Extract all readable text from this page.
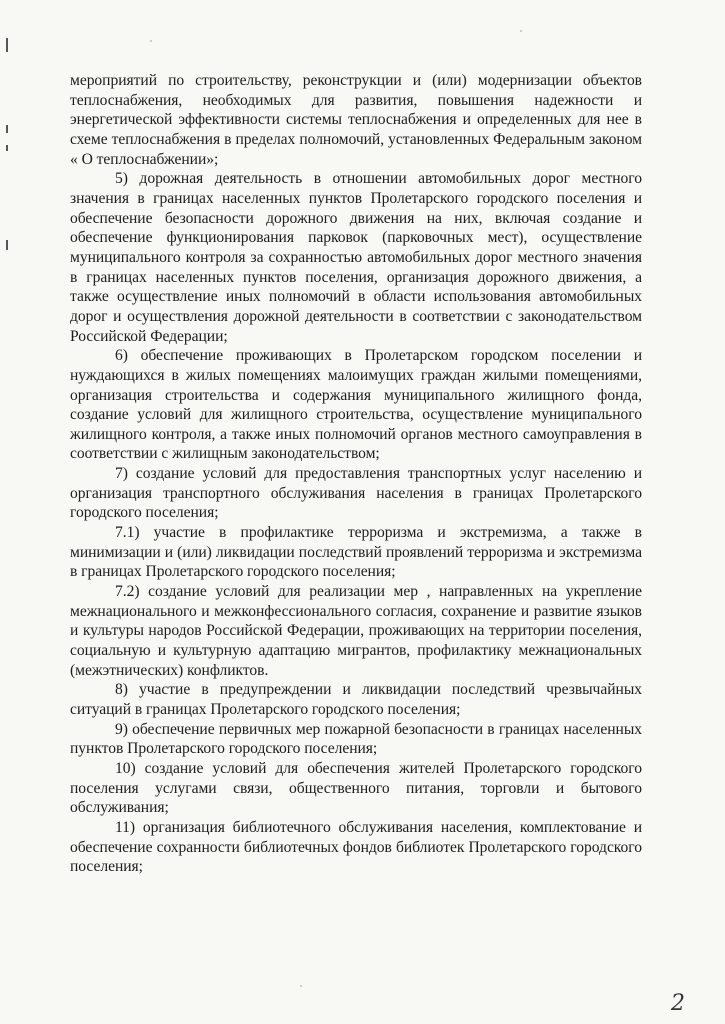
мероприятий по строительству, реконструкции и (или) модернизации объектов теплоснабжения, необходимых для развития, повышения надежности и энергетической эффективности системы теплоснабжения и определенных для нее в схеме теплоснабжения в пределах полномочий, установленных Федеральным законом « О теплоснабжении»;

5) дорожная деятельность в отношении автомобильных дорог местного значения в границах населенных пунктов Пролетарского городского поселения и обеспечение безопасности дорожного движения на них, включая создание и обеспечение функционирования парковок (парковочных мест), осуществление муниципального контроля за сохранностью автомобильных дорог местного значения в границах населенных пунктов поселения, организация дорожного движения, а также осуществление иных полномочий в области использования автомобильных дорог и осуществления дорожной деятельности в соответствии с законодательством Российской Федерации;

6) обеспечение проживающих в Пролетарском городском поселении и нуждающихся в жилых помещениях малоимущих граждан жилыми помещениями, организация строительства и содержания муниципального жилищного фонда, создание условий для жилищного строительства, осуществление муниципального жилищного контроля, а также иных полномочий органов местного самоуправления в соответствии с жилищным законодательством;

7) создание условий для предоставления транспортных услуг населению и организация транспортного обслуживания населения в границах Пролетарского городского поселения;

7.1) участие в профилактике терроризма и экстремизма, а также в минимизации и (или) ликвидации последствий проявлений терроризма и экстремизма в границах Пролетарского городского поселения;

7.2) создание условий для реализации мер , направленных на укрепление межнационального и межконфессионального согласия, сохранение и развитие языков и культуры народов Российской Федерации, проживающих на территории поселения, социальную и культурную адаптацию мигрантов, профилактику межнациональных (межэтнических) конфликтов.

8) участие в предупреждении и ликвидации последствий чрезвычайных ситуаций в границах Пролетарского городского поселения;

9) обеспечение первичных мер пожарной безопасности в границах населенных пунктов Пролетарского городского поселения;

10) создание условий для обеспечения жителей Пролетарского городского поселения услугами связи, общественного питания, торговли и бытового обслуживания;

11) организация библиотечного обслуживания населения, комплектование и обеспечение сохранности библиотечных фондов библиотек Пролетарского городского поселения;

2
